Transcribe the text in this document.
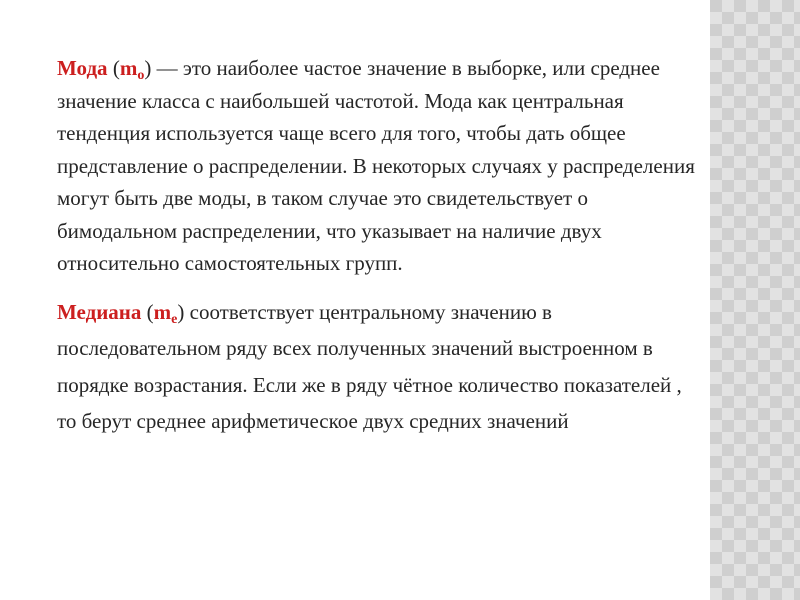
Мода $(m_o)$ — это наиболее частое значение в выборке, или среднее значение класса с наибольшей частотой. Мода как центральная тенденция используется чаще всего для того, чтобы дать общее представление о распределении. В некоторых случаях у распределения могут быть две моды, в таком случае это свидетельствует о бимодальном распределении, что указывает на наличие двух относительно самостоятельных групп.

Медиана $(m_e)$ соответствует центральному значению в последовательном ряду всех полученных значений выстроенном в порядке возрастания. Если же в ряду чётное количество показателей , то берут среднее арифметическое двух средних значений
